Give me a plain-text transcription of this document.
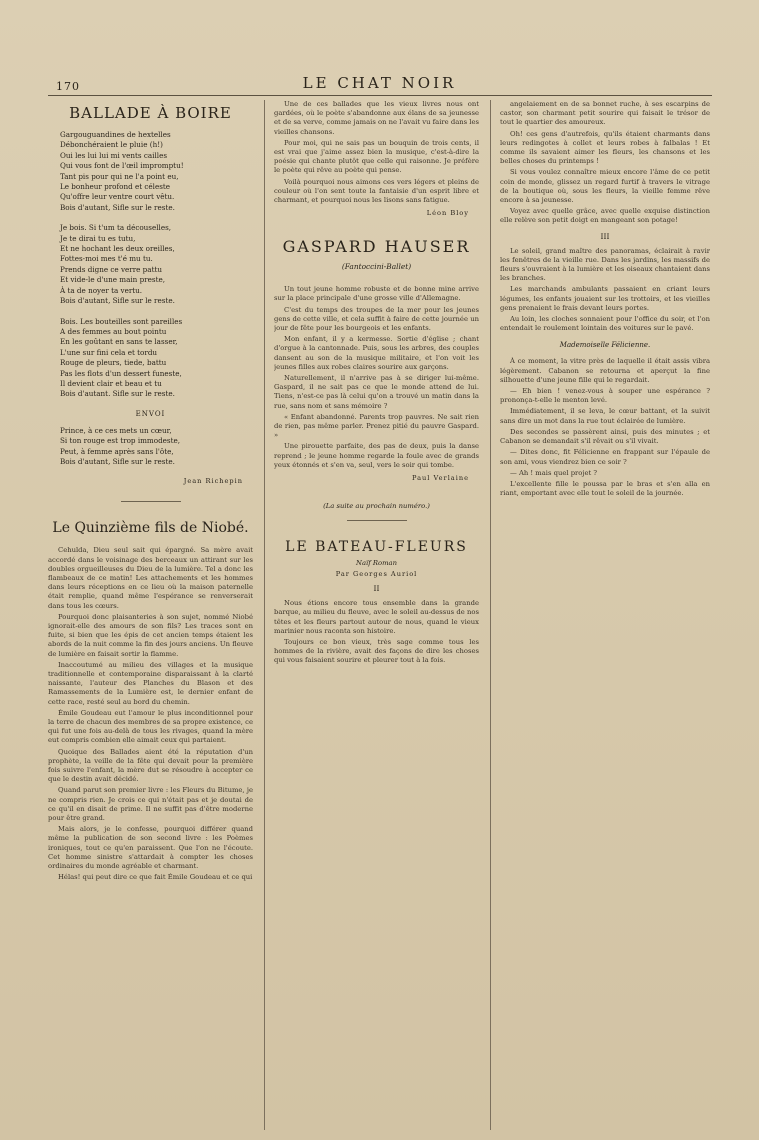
170	LE CHAT NOIR
BALLADE À BOIRE
Gargouguandines de hextelles
Débonchéraient le pluie (h!)
Oui les lui lui mi vents cailles
Qui vous font de l'œil impromptu!
Tant pis pour qui ne l'a point eu,
Le bonheur profond et céleste
Qu'offre leur ventre court vêtu.
Bois d'autant, Sifle sur le reste.
Je bois. Si t'um ta découselles,
Je te dirai tu es tutu,
Et ne hochant les deux oreilles,
Fottes-moi mes t'é mu tu.
Prends digne ce verre pattu
Et vide-le d'une main preste,
À ta de noyer ta vertu.
Bois d'autant, Sifle sur le reste.
Bois. Les bouteilles sont pareilles
A des femmes au bout pointu
En les goûtant en sans te lasser,
L'une sur fini cela et tordu
Rouge de pleurs, tiede, battu
Pas les flots d'un dessert funeste,
Il devient clair et beau et tu
Bois d'autant. Sifle sur le reste.
ENVOI
Prince, à ce ces mets un cœur,
Si ton rouge est trop immodeste,
Peut, à femme après sans l'ôte,
Bois d'autant, Sifle sur le reste.
Jean Richepin
Le Quinzième fils de Niobé.

Cehulda, Dieu seul sait qui épargné. Sa mère avait accordé dans le voisinage des berceaux un attirant sur les doubles orgueilleuses du Dieu de la lumière. Tel a donc les flambeaux de ce matin! Les attachements et les hommes dans leurs réceptions en ce lieu où la maison paternelle était remplie, quand même l'espérance se renverserait dans tous les cœurs.

Pourquoi donc plaisanteries à son sujet, nommé Niobé ignorait-elle des amours de son fils? Les traces sont en fuite, si bien que les épis de cet ancien temps étaient les abords de la nuit comme la fin des jours anciens. Un fleuve de lumière en faisait sortir la flamme.

Inaccoutumé au milieu des villages et la musique traditionnelle et contemporaine disparaissant à la clarté naissante, l'auteur des Planches du Blason et des Ramassements de la Lumière est, le dernier enfant de cette race, resté seul au bord du chemin.

Émile Goudeau eut l'amour le plus inconditionnel pour la terre de chacun des membres de sa propre existence, ce qui fut une fois au-delà de tous les rivages, quand la mère eut compris combien elle aimait ceux qui partaient.

Quoique des Ballades aient été la réputation d'un prophète, la veille de la fête qui devait pour la première fois suivre l'enfant, la mère dut se résoudre à accepter ce que le destin avait décidé.

Quand parut son premier livre : les Fleurs du Bitume, je ne compris rien. Je crois ce qui n'était pas et je doutai de ce qu'il en disait de prime. Il ne suffit pas d'être moderne pour être grand.

Mais alors, je le confesse, pourquoi différer quand même la publication de son second livre : les Poèmes ironiques, tout ce qu'en paraissent. Que l'on ne l'écoute. Cet homme sinistre s'attardait à compter les choses ordinaires du monde agréable et charmant.

Hélas! qui peut dire ce que fait Émile Goudeau et ce qui

Une de ces ballades que les vieux livres nous ont gardées, où le poète s'abandonne aux élans de sa jeunesse et de sa verve, comme jamais on ne l'avait vu faire dans les vieilles chansons.

Pour moi, qui ne sais pas un bouquin de trois cents, il est vrai que j'aime assez bien la musique, c'est-à-dire la poésie qui chante plutôt que celle qui raisonne. Je préfère le poète qui rêve au poète qui pense.

Voilà pourquoi nous aimons ces vers légers et pleins de couleur où l'on sent toute la fantaisie d'un esprit libre et charmant, et pourquoi nous les lisons sans fatigue.

Léon Bloy
GASPARD HAUSER
(Fantoccini-Ballet)

Un tout jeune homme robuste et de bonne mine arrive sur la place principale d'une grosse ville d'Allemagne.

C'est du temps des troupes de la mer pour les jeunes gens de cette ville, et cela suffit à faire de cette journée un jour de fête pour les bourgeois et les enfants.

Mon enfant, il y a kermesse. Sortie d'église ; chant d'orgue à la cantonnade. Puis, sous les arbres, des couples dansent au son de la musique militaire, et l'on voit les jeunes filles aux robes claires sourire aux garçons.

Naturellement, il n'arrive pas à se diriger lui-même. Gaspard, il ne sait pas ce que le monde attend de lui. Tiens, n'est-ce pas là celui qu'on a trouvé un matin dans la rue, sans nom et sans mémoire ?

« Enfant abandonné. Parents trop pauvres. Ne sait rien de rien, pas même parler. Prenez pitié du pauvre Gaspard. »

Une pirouette parfaite, des pas de deux, puis la danse reprend ; le jeune homme regarde la foule avec de grands yeux étonnés et s'en va, seul, vers le soir qui tombe.

Paul Verlaine
(La suite au prochain numéro.)
LE BATEAU-FLEURS
Naïf Roman
Par Georges Auriol
II

Nous étions encore tous ensemble dans la grande barque, au milieu du fleuve, avec le soleil au-dessus de nos têtes et les fleurs partout autour de nous, quand le vieux marinier nous raconta son histoire.

Toujours ce bon vieux, très sage comme tous les hommes de la rivière, avait des façons de dire les choses qui vous faisaient sourire et pleurer tout à la fois.

angelaiement en de sa bonnet ruche, à ses escarpins de castor, son charmant petit sourire qui faisait le trésor de tout le quartier des amoureux.

Oh! ces gens d'autrefois, qu'ils étaient charmants dans leurs redingotes à collet et leurs robes à falbalas ! Et comme ils savaient aimer les fleurs, les chansons et les belles choses du printemps !

Si vous voulez connaître mieux encore l'âme de ce petit coin de monde, glissez un regard furtif à travers le vitrage de la boutique où, sous les fleurs, la vieille femme rêve encore à sa jeunesse.

Voyez avec quelle grâce, avec quelle exquise distinction elle relève son petit doigt en mangeant son potage!

III

Le soleil, grand maître des panoramas, éclairait à ravir les fenêtres de la vieille rue. Dans les jardins, les massifs de fleurs s'ouvraient à la lumière et les oiseaux chantaient dans les branches.

Les marchands ambulants passaient en criant leurs légumes, les enfants jouaient sur les trottoirs, et les vieilles gens prenaient le frais devant leurs portes.

Au loin, les cloches sonnaient pour l'office du soir, et l'on entendait le roulement lointain des voitures sur le pavé.

Mademoiselle Félicienne.

À ce moment, la vitre près de laquelle il était assis vibra légèrement. Cabanon se retourna et aperçut la fine silhouette d'une jeune fille qui le regardait.

— Eh bien ! venez-vous à souper une espérance ? prononça-t-elle le menton levé.

Immédiatement, il se leva, le cœur battant, et la suivit sans dire un mot dans la rue tout éclairée de lumière.

Des secondes se passèrent ainsi, puis des minutes ; et Cabanon se demandait s'il rêvait ou s'il vivait.

— Dites donc, fit Félicienne en frappant sur l'épaule de son ami, vous viendrez bien ce soir ?

— Ah ! mais quel projet ?

L'excellente fille le poussa par le bras et s'en alla en riant, emportant avec elle tout le soleil de la journée.
